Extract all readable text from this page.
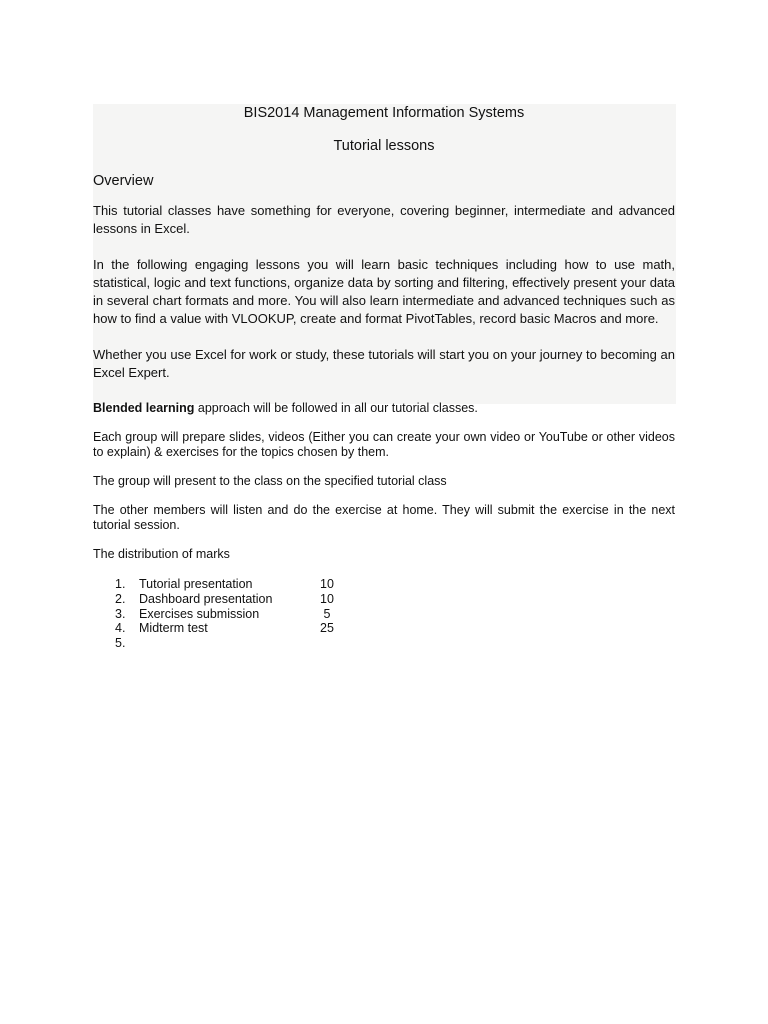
BIS2014 Management Information Systems

Tutorial lessons

Overview

This tutorial classes have something for everyone, covering beginner, intermediate and advanced lessons in Excel.

In the following engaging lessons you will learn basic techniques including how to use math, statistical, logic and text functions, organize data by sorting and filtering, effectively present your data in several chart formats and more. You will also learn intermediate and advanced techniques such as how to find a value with VLOOKUP, create and format PivotTables, record basic Macros and more.

Whether you use Excel for work or study, these tutorials will start you on your journey to becoming an Excel Expert.

Blended learning approach will be followed in all our tutorial classes.

Each group will prepare slides, videos (Either you can create your own video or YouTube or other videos to explain) & exercises for the topics chosen by them.

The group will present to the class on the specified tutorial class

The other members will listen and do the exercise at home. They will submit the exercise in the next tutorial session.

The distribution of marks

1. Tutorial presentation	10
2. Dashboard presentation	10
3. Exercises submission	5
4. Midterm test	25
5.
